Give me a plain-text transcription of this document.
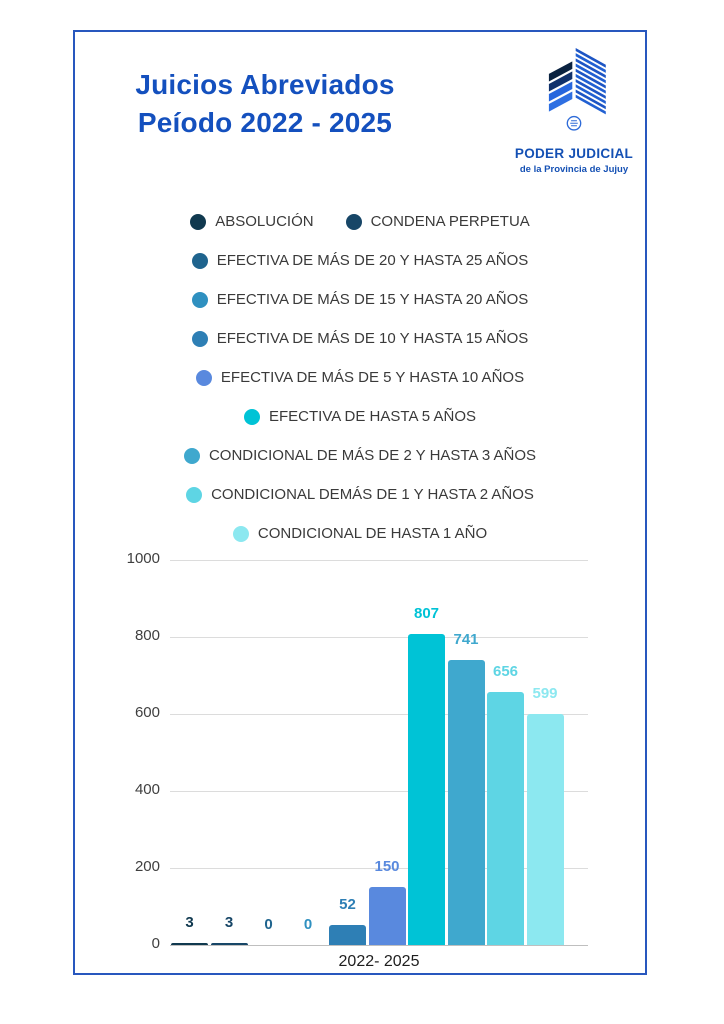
Juicios Abreviados
Peíodo 2022 - 2025
PODER JUDICIAL
de la Provincia de Jujuy
ABSOLUCIÓN	CONDENA PERPETUA
EFECTIVA DE MÁS DE 20 Y HASTA 25 AÑOS
EFECTIVA DE MÁS DE 15 Y HASTA 20 AÑOS
EFECTIVA DE MÁS DE 10 Y HASTA 15 AÑOS
EFECTIVA DE MÁS DE 5 Y HASTA 10 AÑOS
EFECTIVA DE HASTA 5 AÑOS
CONDICIONAL DE MÁS DE 2 Y HASTA 3 AÑOS
CONDICIONAL DEMÁS DE 1 Y HASTA 2 AÑOS
CONDICIONAL DE HASTA 1 AÑO
2022- 2025
1000
800
600
400
200
0
3	3	0	0
52
150
807
741
656
599
